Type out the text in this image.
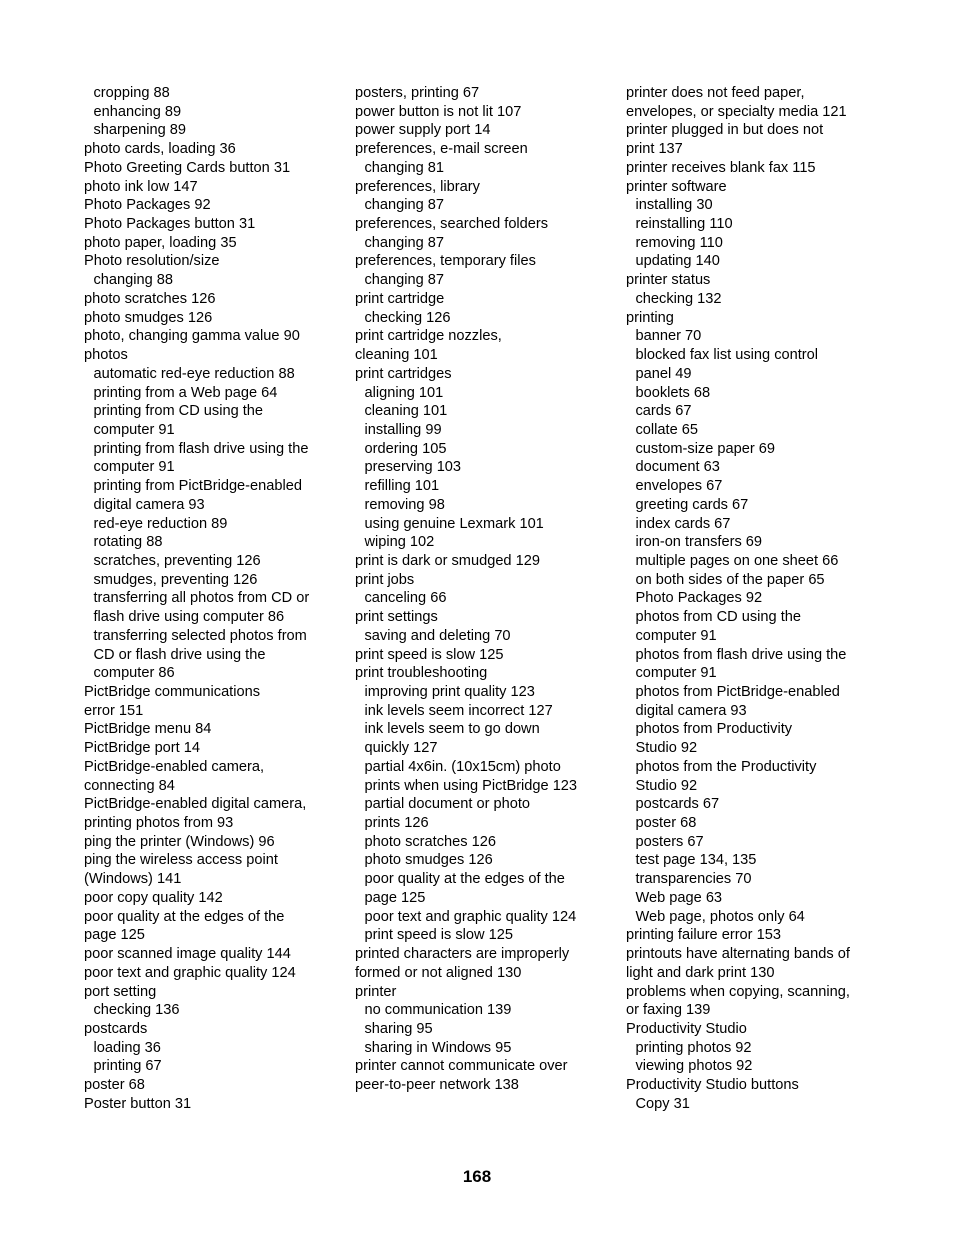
cropping 88
enhancing 89
sharpening 89
photo cards, loading 36
Photo Greeting Cards button 31
photo ink low 147
Photo Packages 92
Photo Packages button 31
photo paper, loading 35
Photo resolution/size
changing 88
photo scratches 126
photo smudges 126
photo, changing gamma value 90
photos
automatic red-eye reduction 88
printing from a Web page 64
printing from CD using the
computer 91
printing from flash drive using the
computer 91
printing from PictBridge-enabled
digital camera 93
red-eye reduction 89
rotating 88
scratches, preventing 126
smudges, preventing 126
transferring all photos from CD or
flash drive using computer 86
transferring selected photos from
CD or flash drive using the
computer 86
PictBridge communications
error 151
PictBridge menu 84
PictBridge port 14
PictBridge-enabled camera,
connecting 84
PictBridge-enabled digital camera,
printing photos from 93
ping the printer (Windows) 96
ping the wireless access point
(Windows) 141
poor copy quality 142
poor quality at the edges of the
page 125
poor scanned image quality 144
poor text and graphic quality 124
port setting
checking 136
postcards
loading 36
printing 67
poster 68
Poster button 31
posters, printing 67
power button is not lit 107
power supply port 14
preferences, e-mail screen
changing 81
preferences, library
changing 87
preferences, searched folders
changing 87
preferences, temporary files
changing 87
print cartridge
checking 126
print cartridge nozzles,
cleaning 101
print cartridges
aligning 101
cleaning 101
installing 99
ordering 105
preserving 103
refilling 101
removing 98
using genuine Lexmark 101
wiping 102
print is dark or smudged 129
print jobs
canceling 66
print settings
saving and deleting 70
print speed is slow 125
print troubleshooting
improving print quality 123
ink levels seem incorrect 127
ink levels seem to go down
quickly 127
partial 4x6in. (10x15cm) photo
prints when using PictBridge 123
partial document or photo
prints 126
photo scratches 126
photo smudges 126
poor quality at the edges of the
page 125
poor text and graphic quality 124
print speed is slow 125
printed characters are improperly
formed or not aligned 130
printer
no communication 139
sharing 95
sharing in Windows 95
printer cannot communicate over
peer-to-peer network 138
printer does not feed paper,
envelopes, or specialty media 121
printer plugged in but does not
print 137
printer receives blank fax 115
printer software
installing 30
reinstalling 110
removing 110
updating 140
printer status
checking 132
printing
banner 70
blocked fax list using control
panel 49
booklets 68
cards 67
collate 65
custom-size paper 69
document 63
envelopes 67
greeting cards 67
index cards 67
iron-on transfers 69
multiple pages on one sheet 66
on both sides of the paper 65
Photo Packages 92
photos from CD using the
computer 91
photos from flash drive using the
computer 91
photos from PictBridge-enabled
digital camera 93
photos from Productivity
Studio 92
photos from the Productivity
Studio 92
postcards 67
poster 68
posters 67
test page 134, 135
transparencies 70
Web page 63
Web page, photos only 64
printing failure error 153
printouts have alternating bands of
light and dark print 130
problems when copying, scanning,
or faxing 139
Productivity Studio
printing photos 92
viewing photos 92
Productivity Studio buttons
Copy 31
168
